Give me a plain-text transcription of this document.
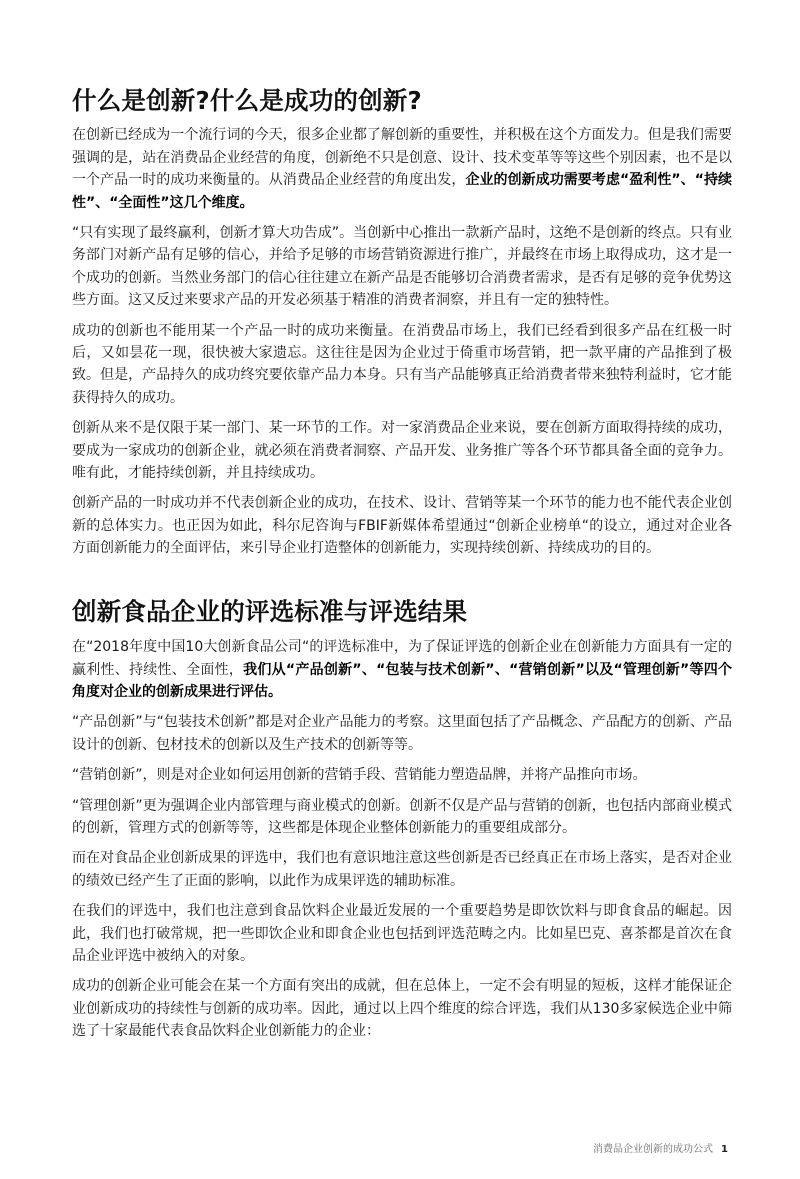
什么是创新?什么是成功的创新?

在创新已经成为一个流行词的今天，很多企业都了解创新的重要性，并积极在这个方面发力。但是我们需要强调的是，站在消费品企业经营的角度，创新绝不只是创意、设计、技术变革等等这些个别因素，也不是以一个产品一时的成功来衡量的。从消费品企业经营的角度出发，企业的创新成功需要考虑“盈利性”、“持续性”、“全面性”这几个维度。

“只有实现了最终赢利，创新才算大功告成”。当创新中心推出一款新产品时，这绝不是创新的终点。只有业务部门对新产品有足够的信心，并给予足够的市场营销资源进行推广，并最终在市场上取得成功，这才是一个成功的创新。当然业务部门的信心往往建立在新产品是否能够切合消费者需求，是否有足够的竞争优势这些方面。这又反过来要求产品的开发必须基于精准的消费者洞察，并且有一定的独特性。

成功的创新也不能用某一个产品一时的成功来衡量。在消费品市场上，我们已经看到很多产品在红极一时后，又如昙花一现，很快被大家遗忘。这往往是因为企业过于倚重市场营销，把一款平庸的产品推到了极致。但是，产品持久的成功终究要依靠产品力本身。只有当产品能够真正给消费者带来独特利益时，它才能获得持久的成功。

创新从来不是仅限于某一部门、某一环节的工作。对一家消费品企业来说，要在创新方面取得持续的成功，要成为一家成功的创新企业，就必须在消费者洞察、产品开发、业务推广等各个环节都具备全面的竞争力。唯有此，才能持续创新，并且持续成功。

创新产品的一时成功并不代表创新企业的成功，在技术、设计、营销等某一个环节的能力也不能代表企业创新的总体实力。也正因为如此，科尔尼咨询与FBIF新媒体希望通过“创新企业榜单“的设立，通过对企业各方面创新能力的全面评估，来引导企业打造整体的创新能力，实现持续创新、持续成功的目的。

创新食品企业的评选标准与评选结果

在“2018年度中国10大创新食品公司“的评选标准中，为了保证评选的创新企业在创新能力方面具有一定的赢利性、持续性、全面性，我们从“产品创新”、“包装与技术创新”、“营销创新”以及“管理创新”等四个角度对企业的创新成果进行评估。

“产品创新”与“包装技术创新”都是对企业产品能力的考察。这里面包括了产品概念、产品配方的创新、产品设计的创新、包材技术的创新以及生产技术的创新等等。

“营销创新”，则是对企业如何运用创新的营销手段、营销能力塑造品牌，并将产品推向市场。

“管理创新”更为强调企业内部管理与商业模式的创新。创新不仅是产品与营销的创新，也包括内部商业模式的创新，管理方式的创新等等，这些都是体现企业整体创新能力的重要组成部分。

而在对食品企业创新成果的评选中，我们也有意识地注意这些创新是否已经真正在市场上落实，是否对企业的绩效已经产生了正面的影响，以此作为成果评选的辅助标准。

在我们的评选中，我们也注意到食品饮料企业最近发展的一个重要趋势是即饮饮料与即食食品的崛起。因此，我们也打破常规，把一些即饮企业和即食企业也包括到评选范畴之内。比如星巴克、喜茶都是首次在食品企业评选中被纳入的对象。

成功的创新企业可能会在某一个方面有突出的成就，但在总体上，一定不会有明显的短板，这样才能保证企业创新成功的持续性与创新的成功率。因此，通过以上四个维度的综合评选，我们从130多家候选企业中筛选了十家最能代表食品饮料企业创新能力的企业：

消费品企业创新的成功公式 1
